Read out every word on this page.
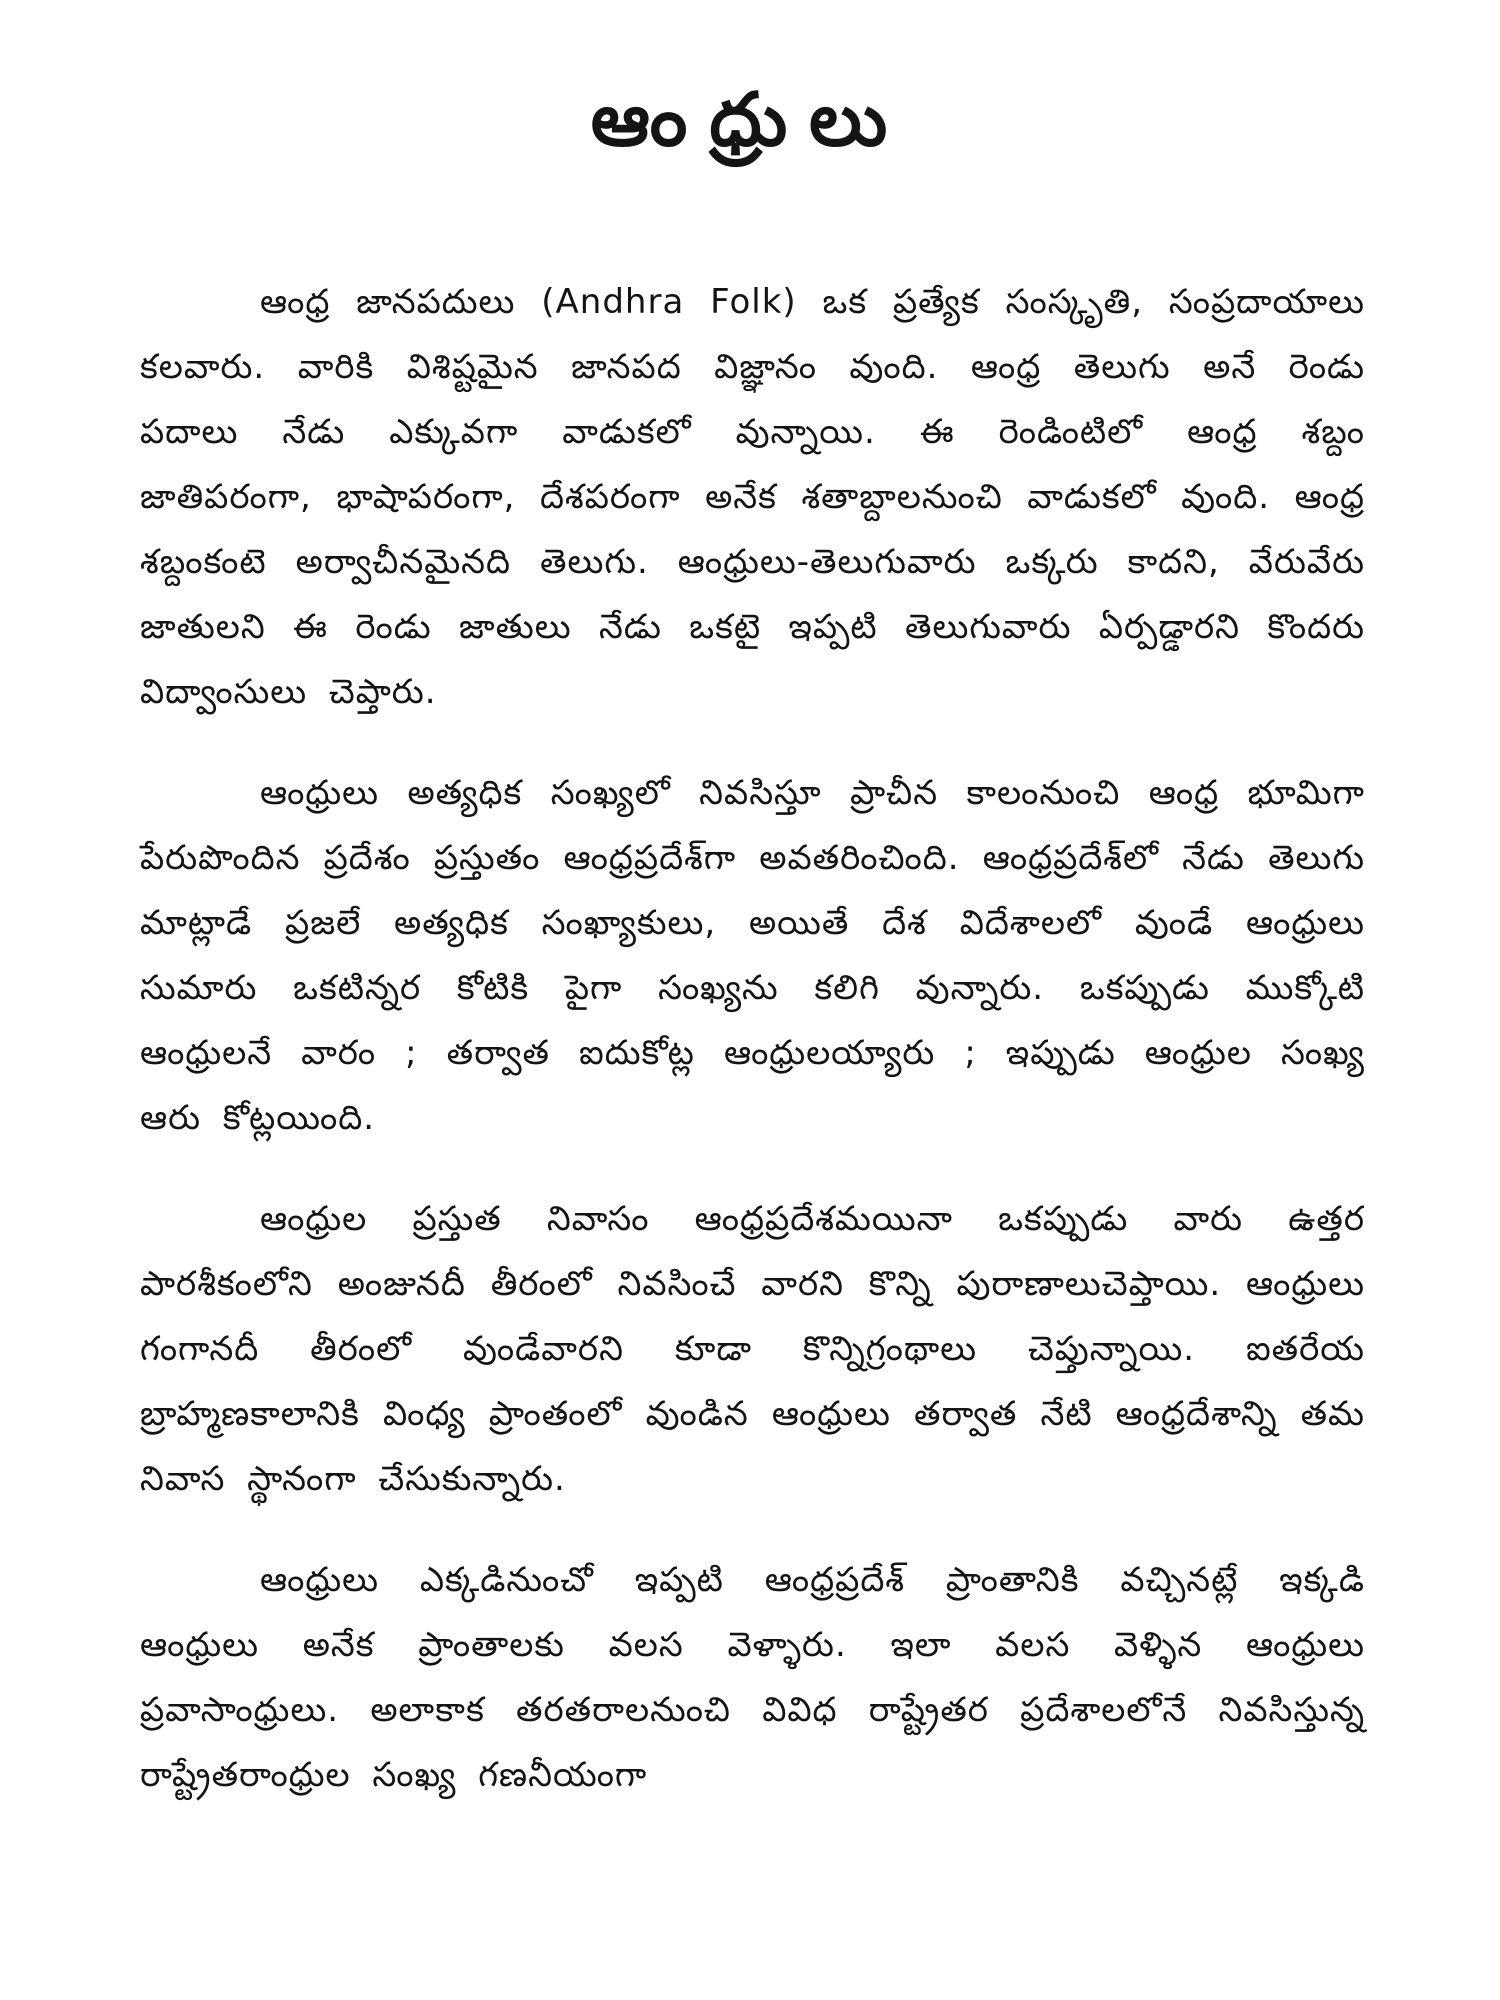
ఆంధ్రులు

ఆంధ్ర జానపదులు (Andhra Folk) ఒక ప్రత్యేక సంస్కృతి, సంప్రదాయాలు కలవారు. వారికి విశిష్టమైన జానపద విజ్ఞానం వుంది. ఆంధ్ర తెలుగు అనే రెండు పదాలు నేడు ఎక్కువగా వాడుకలో వున్నాయి. ఈ రెండింటిలో ఆంధ్ర శబ్దం జాతిపరంగా, భాషాపరంగా, దేశపరంగా అనేక శతాబ్దాలనుంచి వాడుకలో వుంది. ఆంధ్ర శబ్దంకంటె అర్వాచీనమైనది తెలుగు. ఆంధ్రులు-తెలుగువారు ఒక్కరు కాదని, వేరువేరు జాతులని ఈ రెండు జాతులు నేడు ఒకటై ఇప్పటి తెలుగువారు ఏర్పడ్డారని కొందరు విద్వాంసులు చెప్తారు.

ఆంధ్రులు అత్యధిక సంఖ్యలో నివసిస్తూ ప్రాచీన కాలంనుంచి ఆంధ్ర భూమిగా పేరుపొందిన ప్రదేశం ప్రస్తుతం ఆంధ్రప్రదేశ్‌గా అవతరించింది. ఆంధ్రప్రదేశ్‌లో నేడు తెలుగు మాట్లాడే ప్రజలే అత్యధిక సంఖ్యాకులు, అయితే దేశ విదేశాలలో వుండే ఆంధ్రులు సుమారు ఒకటిన్నర కోటికి పైగా సంఖ్యను కలిగి వున్నారు. ఒకప్పుడు ముక్కోటి ఆంధ్రులనే వారం ; తర్వాత ఐదుకోట్ల ఆంధ్రులయ్యారు ; ఇప్పుడు ఆంధ్రుల సంఖ్య ఆరు కోట్లయింది.

ఆంధ్రుల ప్రస్తుత నివాసం ఆంధ్రప్రదేశమయినా ఒకప్పుడు వారు ఉత్తర పారశీకంలోని అంజునదీ తీరంలో నివసించే వారని కొన్ని పురాణాలుచెప్తాయి. ఆంధ్రులు గంగానదీ తీరంలో వుండేవారని కూడా కొన్నిగ్రంథాలు చెప్తున్నాయి. ఐతరేయ బ్రాహ్మణకాలానికి వింధ్య ప్రాంతంలో వుండిన ఆంధ్రులు తర్వాత నేటి ఆంధ్రదేశాన్ని తమ నివాస స్థానంగా చేసుకున్నారు.

ఆంధ్రులు ఎక్కడినుంచో ఇప్పటి ఆంధ్రప్రదేశ్ ప్రాంతానికి వచ్చినట్లే ఇక్కడి ఆంధ్రులు అనేక ప్రాంతాలకు వలస వెళ్ళారు. ఇలా వలస వెళ్ళిన ఆంధ్రులు ప్రవాసాంధ్రులు. అలాకాక తరతరాలనుంచి వివిధ రాష్ట్రేతర ప్రదేశాలలోనే నివసిస్తున్న రాష్ట్రేతరాంధ్రుల సంఖ్య గణనీయంగా
